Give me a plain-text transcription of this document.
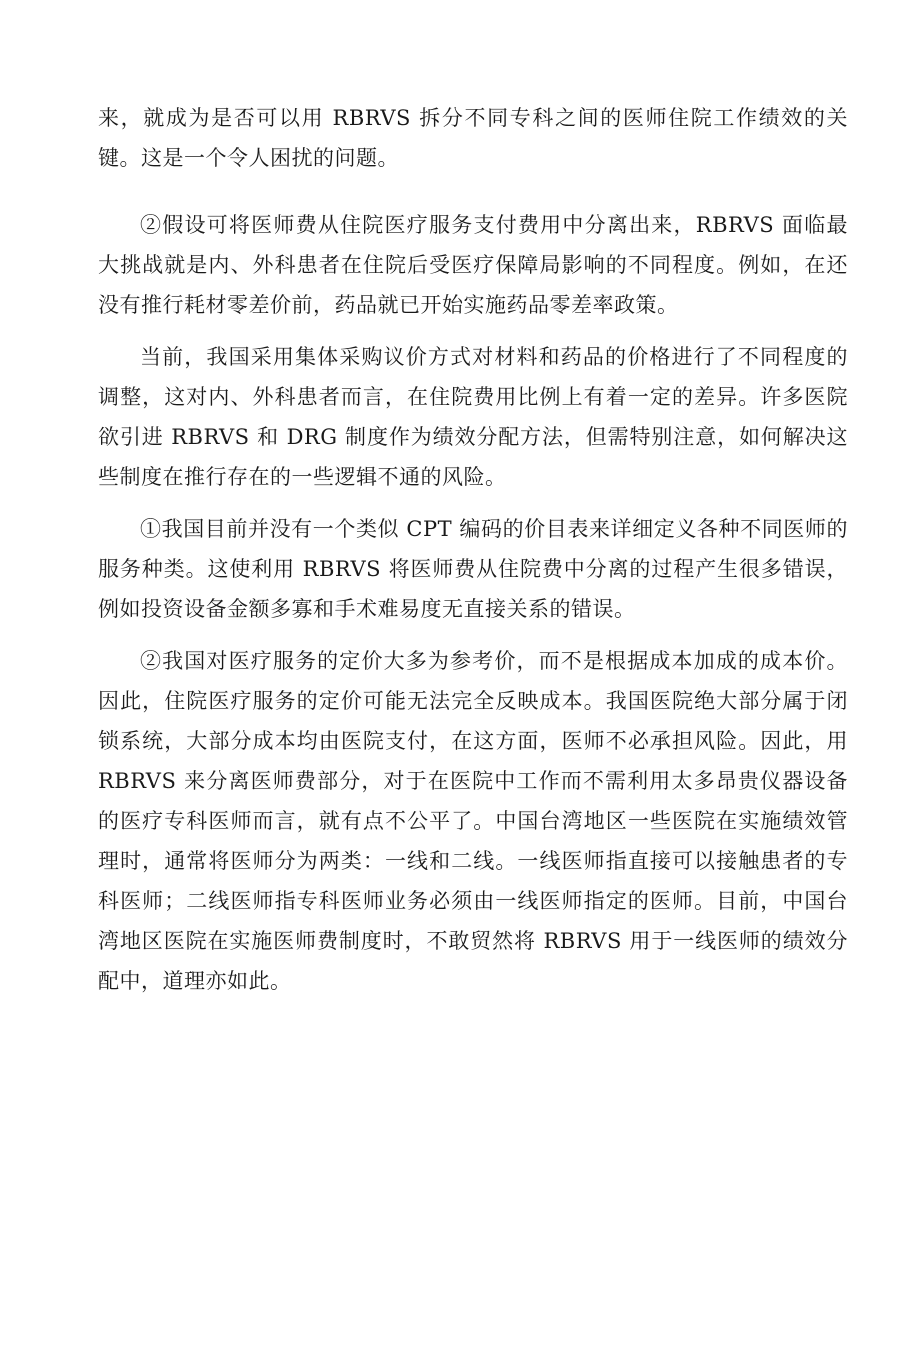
来，就成为是否可以用 RBRVS 拆分不同专科之间的医师住院工作绩效的关键。这是一个令人困扰的问题。

②假设可将医师费从住院医疗服务支付费用中分离出来，RBRVS 面临最大挑战就是内、外科患者在住院后受医疗保障局影响的不同程度。例如，在还没有推行耗材零差价前，药品就已开始实施药品零差率政策。

当前，我国采用集体采购议价方式对材料和药品的价格进行了不同程度的调整，这对内、外科患者而言，在住院费用比例上有着一定的差异。许多医院欲引进 RBRVS 和 DRG 制度作为绩效分配方法，但需特别注意，如何解决这些制度在推行存在的一些逻辑不通的风险。

①我国目前并没有一个类似 CPT 编码的价目表来详细定义各种不同医师的服务种类。这使利用 RBRVS 将医师费从住院费中分离的过程产生很多错误，例如投资设备金额多寡和手术难易度无直接关系的错误。

②我国对医疗服务的定价大多为参考价，而不是根据成本加成的成本价。因此，住院医疗服务的定价可能无法完全反映成本。我国医院绝大部分属于闭锁系统，大部分成本均由医院支付，在这方面，医师不必承担风险。因此，用 RBRVS 来分离医师费部分，对于在医院中工作而不需利用太多昂贵仪器设备的医疗专科医师而言，就有点不公平了。中国台湾地区一些医院在实施绩效管理时，通常将医师分为两类：一线和二线。一线医师指直接可以接触患者的专科医师；二线医师指专科医师业务必须由一线医师指定的医师。目前，中国台湾地区医院在实施医师费制度时，不敢贸然将 RBRVS 用于一线医师的绩效分配中，道理亦如此。
